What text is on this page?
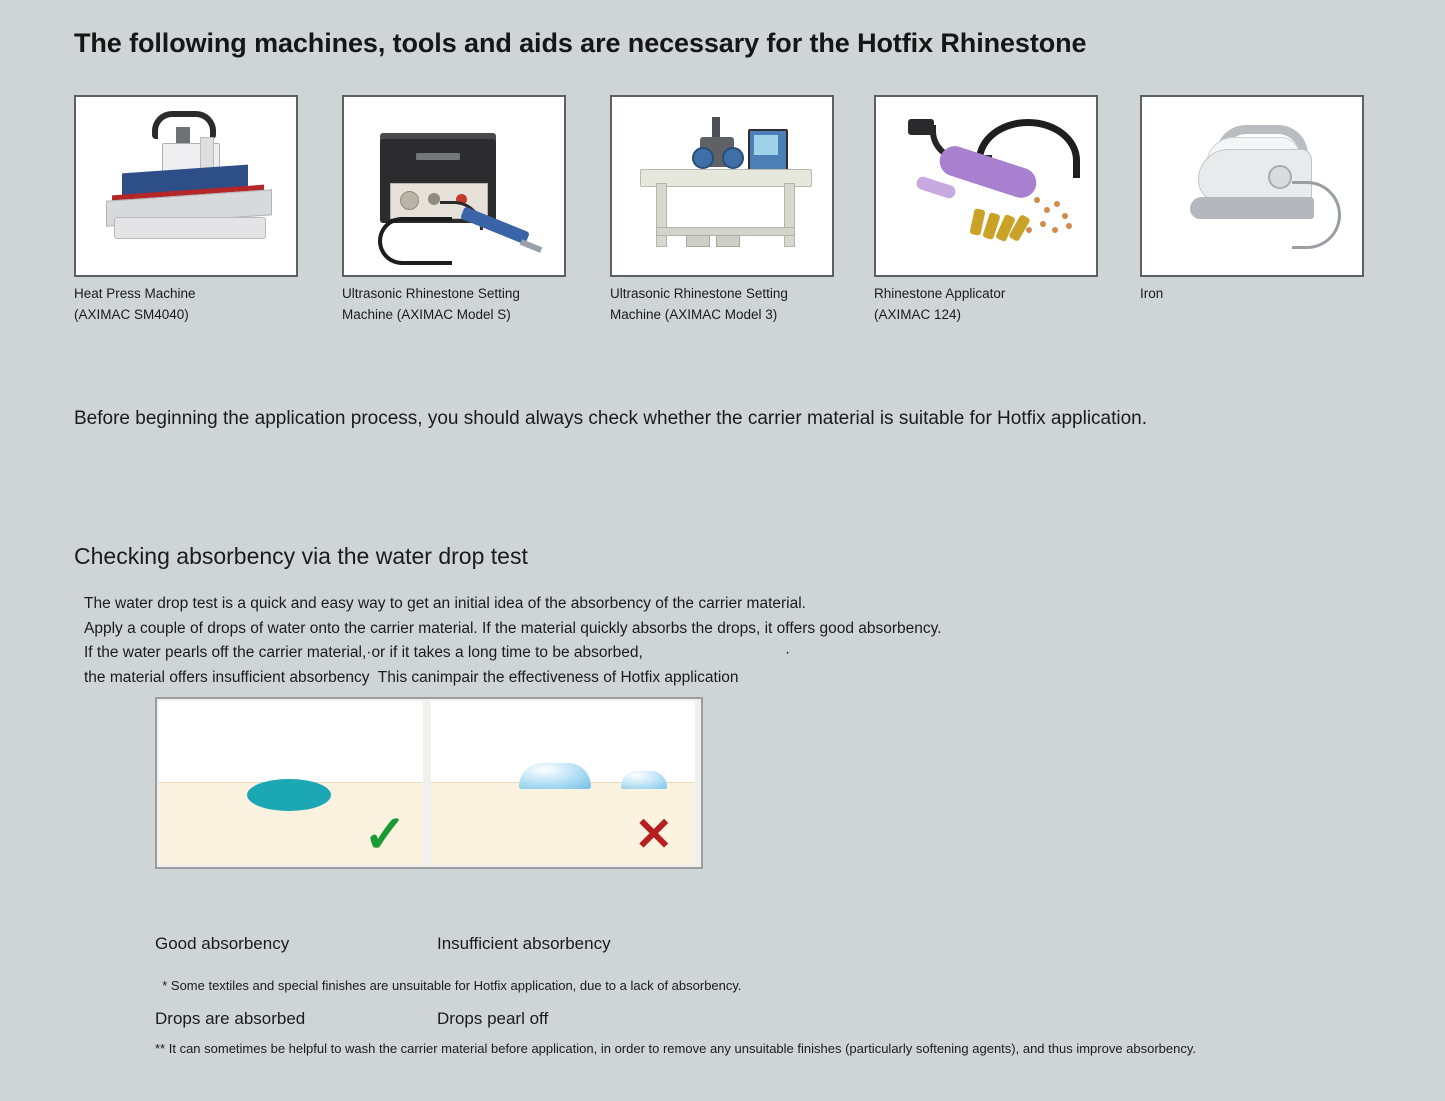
The following machines, tools and aids are necessary for the Hotfix Rhinestone
Heat Press Machine
(AXIMAC SM4040)
Ultrasonic Rhinestone Setting
Machine (AXIMAC Model S)
Ultrasonic Rhinestone Setting
Machine (AXIMAC Model 3)
Rhinestone Applicator
(AXIMAC 124)
Iron
Before beginning the application process, you should always check whether the carrier material is suitable for Hotfix application.
Checking absorbency via the water drop test
The water drop test is a quick and easy way to get an initial idea of the absorbency of the carrier material.
Apply a couple of drops of water onto the carrier material. If the material quickly absorbs the drops, it offers good absorbency.
If the water pearls off the carrier material,·or if it takes a long time to be absorbed,                                 ·
the material offers insufficient absorbency  This canimpair the effectiveness of Hotfix application
✓	✕

Good absorbency

Drops are absorbed

Insufficient absorbency

Drops pearl off

* Some textiles and special finishes are unsuitable for Hotfix application, due to a lack of absorbency.

** It can sometimes be helpful to wash the carrier material before application, in order to remove any unsuitable finishes (particularly softening agents), and thus improve absorbency.
